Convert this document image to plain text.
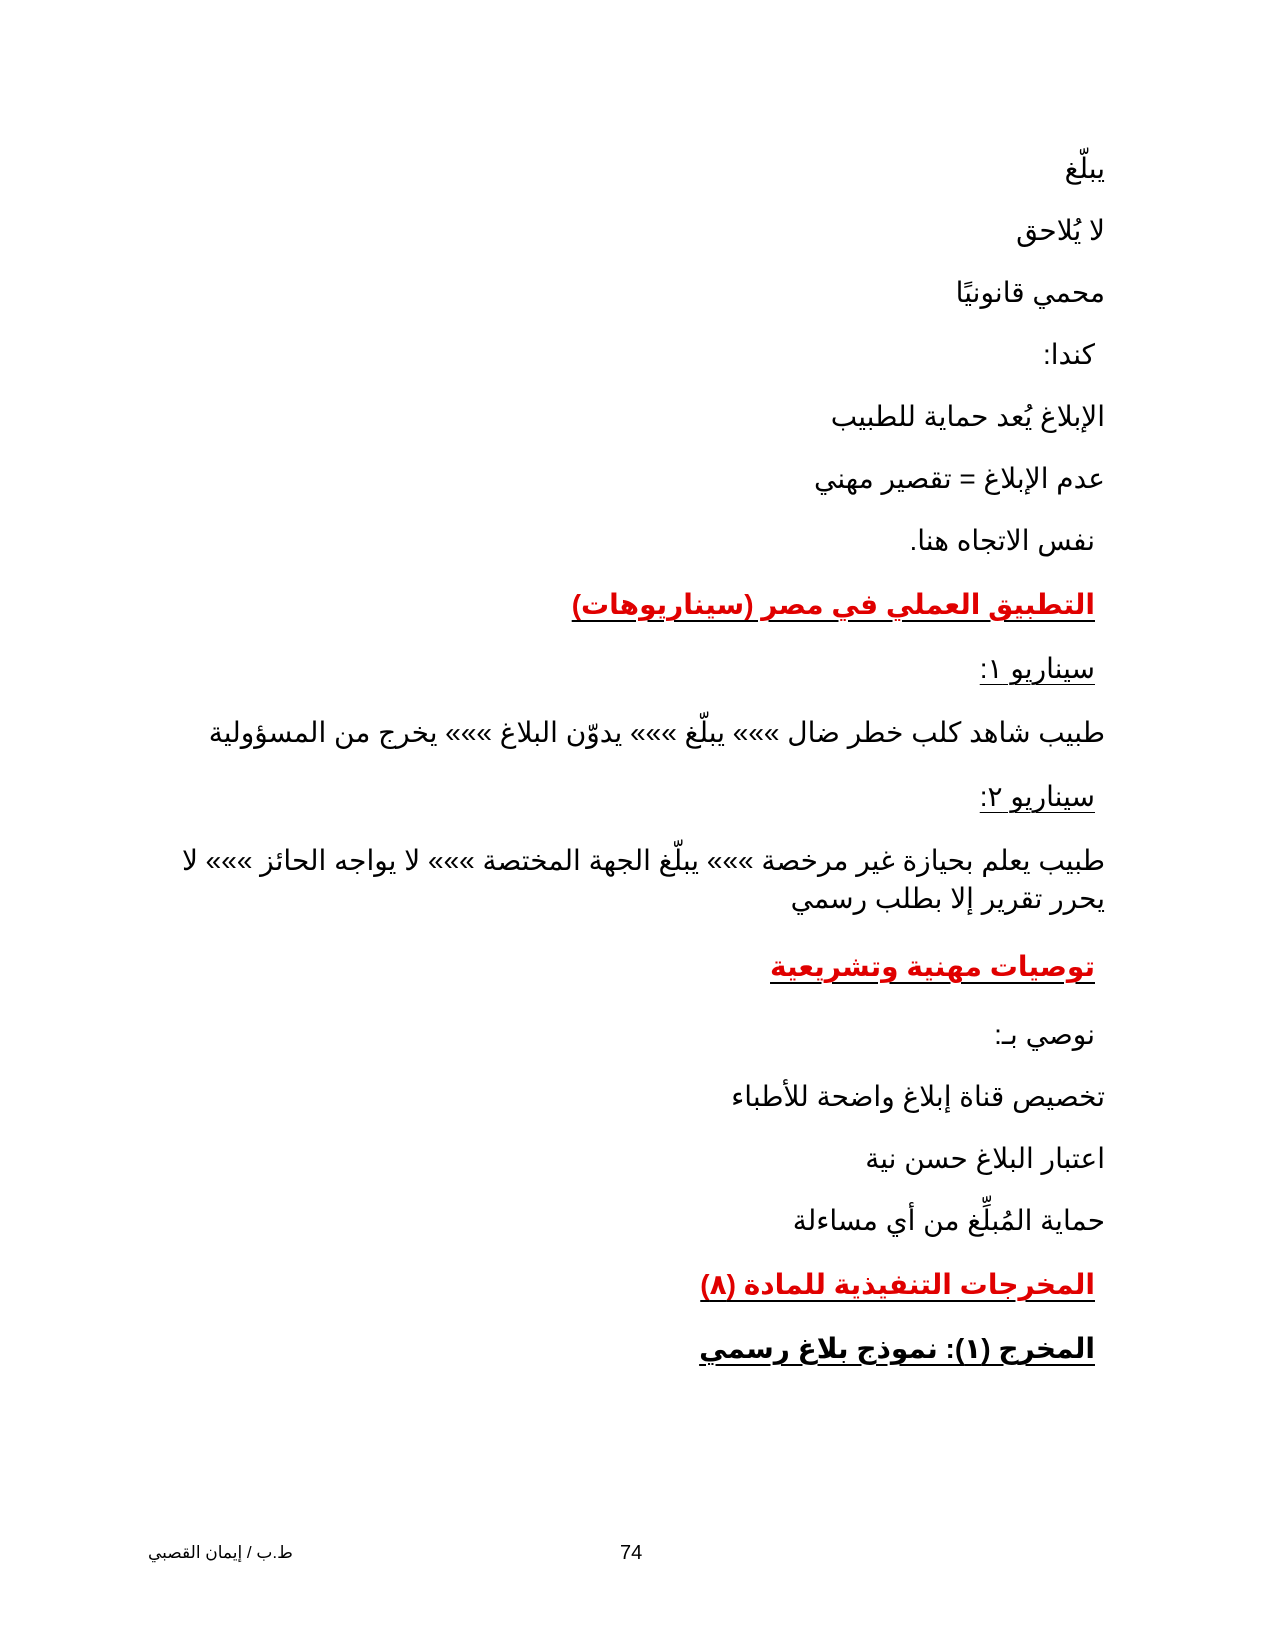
يبلّغ
لا يُلاحق
محمي قانونيًا
كندا:
الإبلاغ يُعد حماية للطبيب
عدم الإبلاغ = تقصير مهني
نفس الاتجاه هنا.
التطبيق العملي في مصر (سيناريوهات)
سيناريو ١:
طبيب شاهد كلب خطر ضال »»» يبلّغ »»» يدوّن البلاغ »»» يخرج من المسؤولية
سيناريو ٢:
طبيب يعلم بحيازة غير مرخصة »»» يبلّغ الجهة المختصة »»» لا يواجه الحائز »»» لا يحرر تقرير إلا بطلب رسمي
توصيات مهنية وتشريعية
نوصي بـ:
تخصيص قناة إبلاغ واضحة للأطباء
اعتبار البلاغ حسن نية
حماية المُبلِّغ من أي مساءلة
المخرجات التنفيذية للمادة (٨)
المخرج (١): نموذج بلاغ رسمي
ط.ب / إيمان القصبي	74
